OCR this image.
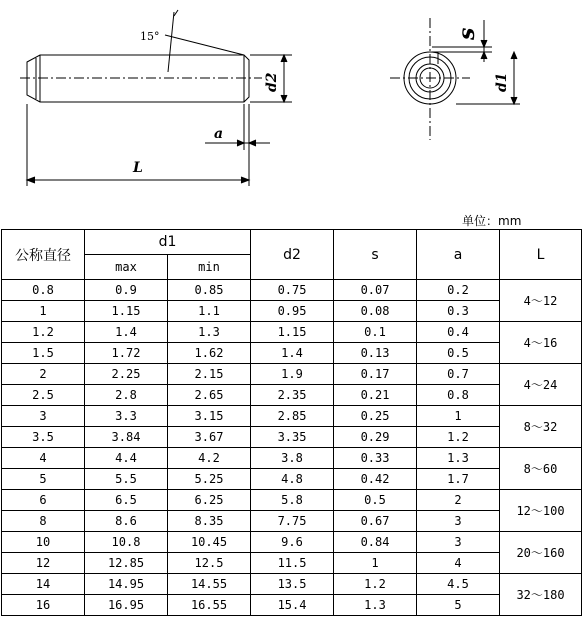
15°
d2
a
L
s
d1
单位：mm
公称直径	d1		d2	s	a	L
	max	min				
0.8	0.9	0.85	0.75	0.07	0.2	4～12
1	1.15	1.1	0.95	0.08	0.3	
1.2	1.4	1.3	1.15	0.1	0.4	4～16
1.5	1.72	1.62	1.4	0.13	0.5	
2	2.25	2.15	1.9	0.17	0.7	4～24
2.5	2.8	2.65	2.35	0.21	0.8	
3	3.3	3.15	2.85	0.25	1	8～32
3.5	3.84	3.67	3.35	0.29	1.2	
4	4.4	4.2	3.8	0.33	1.3	8～60
5	5.5	5.25	4.8	0.42	1.7	
6	6.5	6.25	5.8	0.5	2	12～100
8	8.6	8.35	7.75	0.67	3	
10	10.8	10.45	9.6	0.84	3	20～160
12	12.85	12.5	11.5	1	4	
14	14.95	14.55	13.5	1.2	4.5	32～180
16	16.95	16.55	15.4	1.3	5	
